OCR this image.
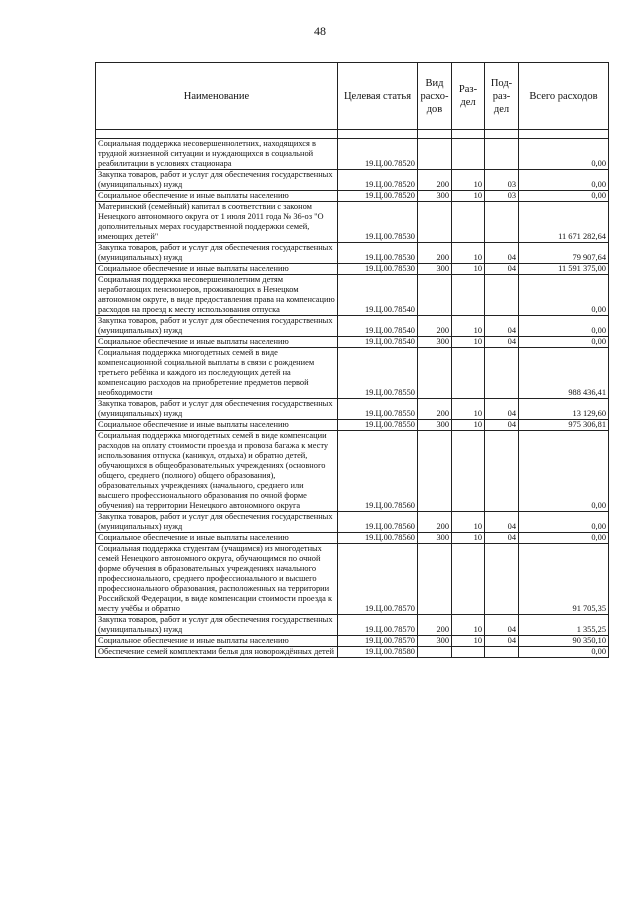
48
Наименование	Целевая статья	Вид расхо- дов	Раз- дел	Под- раз- дел	Всего расходов

Социальная поддержка несовершеннолетних, находящихся в трудной жизненной ситуации и нуждающихся в социальной реабилитации в условиях стационара	19.Ц.00.78520				0,00
Закупка товаров, работ и услуг для обеспечения государственных (муниципальных) нужд	19.Ц.00.78520	200	10	03	0,00
Социальное обеспечение и иные выплаты населению	19.Ц.00.78520	300	10	03	0,00
Материнский (семейный) капитал в соответствии с законом Ненецкого автономного округа от 1 июля 2011 года № 36-оз "О дополнительных мерах государственной поддержки семей, имеющих детей"	19.Ц.00.78530				11 671 282,64
Закупка товаров, работ и услуг для обеспечения государственных (муниципальных) нужд	19.Ц.00.78530	200	10	04	79 907,64
Социальное обеспечение и иные выплаты населению	19.Ц.00.78530	300	10	04	11 591 375,00
Социальная поддержка несовершеннолетним детям неработающих пенсионеров, проживающих в Ненецком автономном округе, в виде предоставления права на компенсацию расходов на проезд к месту использования отпуска	19.Ц.00.78540				0,00
Закупка товаров, работ и услуг для обеспечения государственных (муниципальных) нужд	19.Ц.00.78540	200	10	04	0,00
Социальное обеспечение и иные выплаты населению	19.Ц.00.78540	300	10	04	0,00
Социальная поддержка многодетных семей в виде компенсационной социальной выплаты в связи с рождением третьего ребёнка и каждого из последующих детей на компенсацию расходов на приобретение предметов первой необходимости	19.Ц.00.78550				988 436,41
Закупка товаров, работ и услуг для обеспечения государственных (муниципальных) нужд	19.Ц.00.78550	200	10	04	13 129,60
Социальное обеспечение и иные выплаты населению	19.Ц.00.78550	300	10	04	975 306,81
Социальная поддержка многодетных семей в виде компенсации расходов на оплату стоимости проезда и провоза багажа к месту использования отпуска (каникул, отдыха) и обратно детей, обучающихся в общеобразовательных учреждениях (основного общего, среднего (полного) общего образования), образовательных учреждениях (начального, среднего или высшего профессионального образования по очной форме обучения) на территории Ненецкого автономного округа	19.Ц.00.78560				0,00
Закупка товаров, работ и услуг для обеспечения государственных (муниципальных) нужд	19.Ц.00.78560	200	10	04	0,00
Социальное обеспечение и иные выплаты населению	19.Ц.00.78560	300	10	04	0,00
Социальная поддержка студентам (учащимся) из многодетных семей Ненецкого автономного округа, обучающимся по очной форме обучения в образовательных учреждениях начального профессионального, среднего профессионального и высшего профессионального образования, расположенных на территории Российской Федерации, в виде компенсации стоимости проезда к месту учёбы и обратно	19.Ц.00.78570				91 705,35
Закупка товаров, работ и услуг для обеспечения государственных (муниципальных) нужд	19.Ц.00.78570	200	10	04	1 355,25
Социальное обеспечение и иные выплаты населению	19.Ц.00.78570	300	10	04	90 350,10
Обеспечение семей комплектами белья для новорождённых детей	19.Ц.00.78580				0,00
